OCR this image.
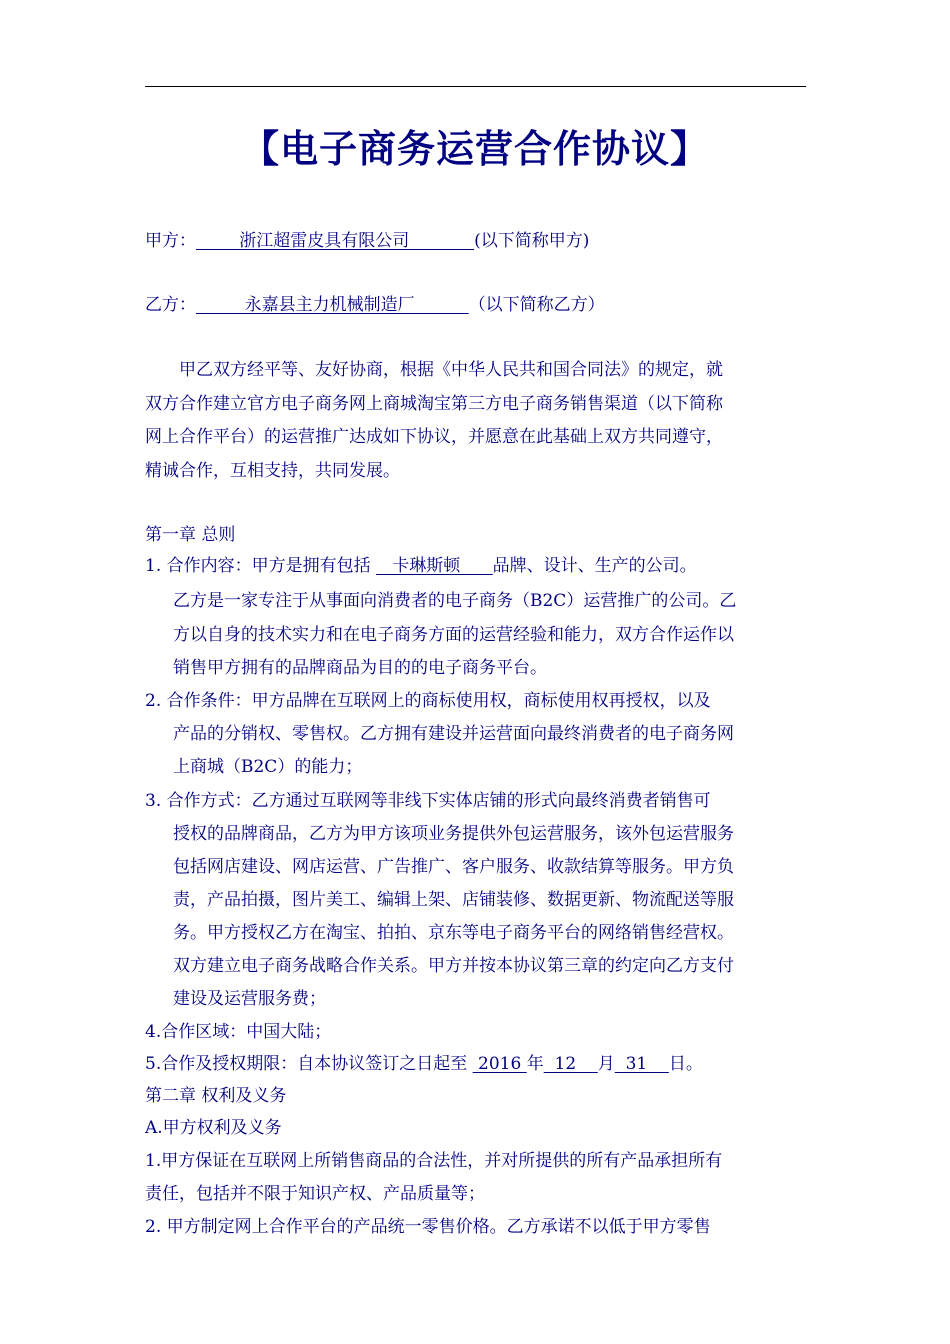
【电子商务运营合作协议】
甲方：        浙江超雷皮具有限公司            (以下简称甲方)
乙方：         永嘉县主力机械制造厂          （以下简称乙方）
甲乙双方经平等、友好协商，根据《中华人民共和国合同法》的规定，就
双方合作建立官方电子商务网上商城淘宝第三方电子商务销售渠道（以下简称
网上合作平台）的运营推广达成如下协议，并愿意在此基础上双方共同遵守，
精诚合作，互相支持，共同发展。
第一章 总则
1. 合作内容：甲方是拥有包括    卡琳斯顿      品牌、设计、生产的公司。
乙方是一家专注于从事面向消费者的电子商务（B2C）运营推广的公司。乙
方以自身的技术实力和在电子商务方面的运营经验和能力，双方合作运作以
销售甲方拥有的品牌商品为目的的电子商务平台。
2. 合作条件：甲方品牌在互联网上的商标使用权，商标使用权再授权，以及
产品的分销权、零售权。乙方拥有建设并运营面向最终消费者的电子商务网
上商城（B2C）的能力；
3. 合作方式：乙方通过互联网等非线下实体店铺的形式向最终消费者销售可
授权的品牌商品，乙方为甲方该项业务提供外包运营服务，该外包运营服务
包括网店建设、网店运营、广告推广、客户服务、收款结算等服务。甲方负
责，产品拍摄，图片美工、编辑上架、店铺装修、数据更新、物流配送等服
务。甲方授权乙方在淘宝、拍拍、京东等电子商务平台的网络销售经营权。
双方建立电子商务战略合作关系。甲方并按本协议第三章的约定向乙方支付
建设及运营服务费；
4.合作区域：中国大陆；
5.合作及授权期限：自本协议签订之日起至  2016 年  12    月  31    日。
第二章 权利及义务
A.甲方权利及义务
1.甲方保证在互联网上所销售商品的合法性，并对所提供的所有产品承担所有
责任，包括并不限于知识产权、产品质量等；
2. 甲方制定网上合作平台的产品统一零售价格。乙方承诺不以低于甲方零售
